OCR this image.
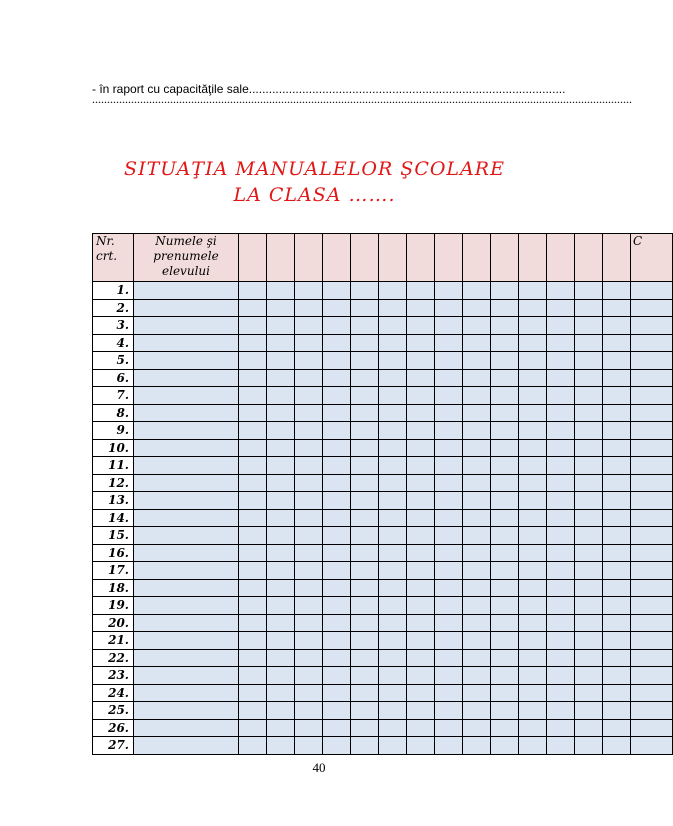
- în raport cu capacităţile sale...............................................................................................
....................................................................................................................................................................................
SITUAŢIA MANUALELOR ŞCOLARE
LA CLASA …….
Nr. crt.	Numele şi prenumele elevului															C
1.																
2.																
3.																
4.																
5.																
6.																
7.																
8.																
9.																
10.																
11.																
12.																
13.																
14.																
15.																
16.																
17.																
18.																
19.																
20.																
21.																
22.																
23.																
24.																
25.																
26.																
27.																
40
